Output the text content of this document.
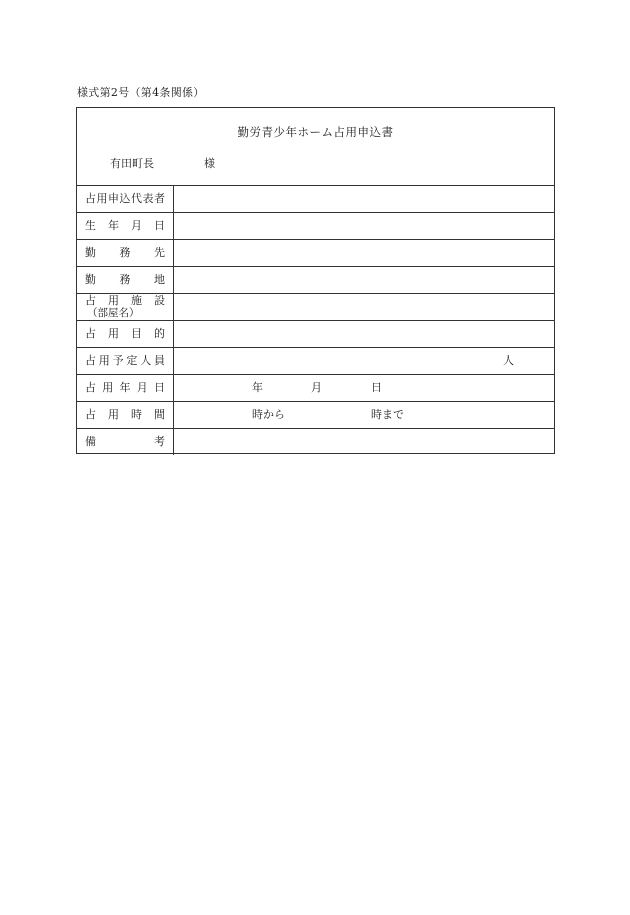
様式第2号（第4条関係）
勤労青少年ホーム占用申込書
有田町長	様
占 用 申 込 代 表 者
生 年 月 日
勤 務 先
勤 務 地
占 用 施 設
（部屋名）
占 用 目 的
占 用 予 定 人 員	人
占 用 年 月 日	年	月	日
占 用 時 間	時から	時まで
備	考
